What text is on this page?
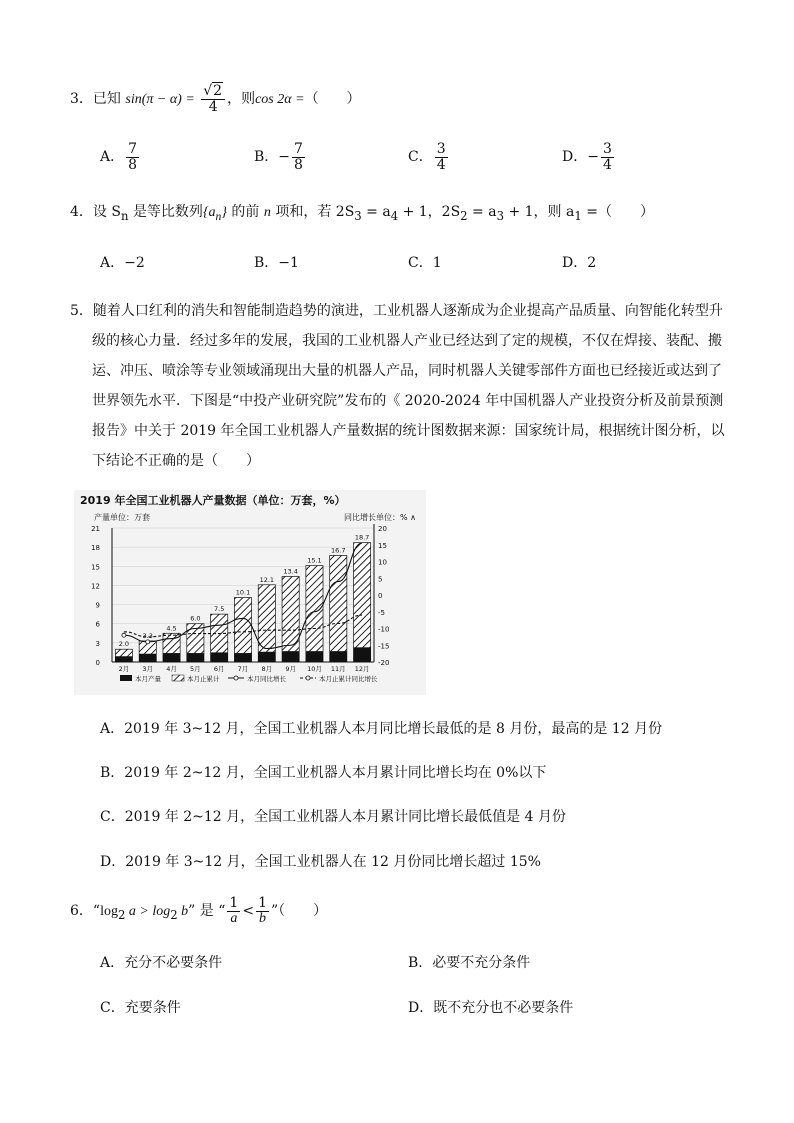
3．已知 $\sin(\pi - \alpha) = \frac{√2}{4}$ ，则cos 2α =（　　）
A． $\frac{7}{8}$	B．− $\frac{7}{8}$	C． $\frac{3}{4}$	D．− $\frac{3}{4}$
4．设 $S_n$ 是等比数列$\{a_n\}$ 的前 n 项和，若 $2S_3 = a_4 + 1$，$2S_2 = a_3 + 1$，则 $a_1$ =（　　）
A．−2	B．−1	C．1	D．2

5．随着人口红利的消失和智能制造趋势的演进，工业机器人逐渐成为企业提高产品质量、向智能化转型升

级的核心力量．经过多年的发展，我国的工业机器人产业已经达到了定的规模，不仅在焊接、装配、搬

运、冲压、喷涂等专业领域涌现出大量的机器人产品，同时机器人关键零部件方面也已经接近或达到了

世界领先水平．下图是“中投产业研究院”发布的《 2020-2024 年中国机器人产业投资分析及前景预测

报告》中关于 2019 年全国工业机器人产量数据的统计图数据来源：国家统计局，根据统计图分析，以

下结论不正确的是（　　）

2019 年全国工业机器人产量数据（单位：万套，%）
产量单位：万套	同比增长单位：% ∧
2.0
3.3
4.5
6.0
7.5
10.1
12.1
13.4
15.1
16.7
18.7
21
18
15
12
9
6
3
0
20
15
10
5
0
-5
-10
-15
-20
2月 3月 4月 5月 6月 7月 8月 9月 10月 11月 12月
本月产量	本月止累计	本月同比增长	本月止累计同比增长
A．2019 年 3~12 月，全国工业机器人本月同比增长最低的是 8 月份，最高的是 12 月份
B．2019 年 2~12 月，全国工业机器人本月累计同比增长均在 0%以下
C．2019 年 2~12 月，全国工业机器人本月累计同比增长最低值是 4 月份
D．2019 年 3~12 月，全国工业机器人在 12 月份同比增长超过 15%
6．“$\log_2$ $a > \log_2 b$” 是 “ $\frac{1}{a} < \frac{1}{b}$ ”（　　）
A．充分不必要条件	B．必要不充分条件
C．充要条件	D．既不充分也不必要条件
